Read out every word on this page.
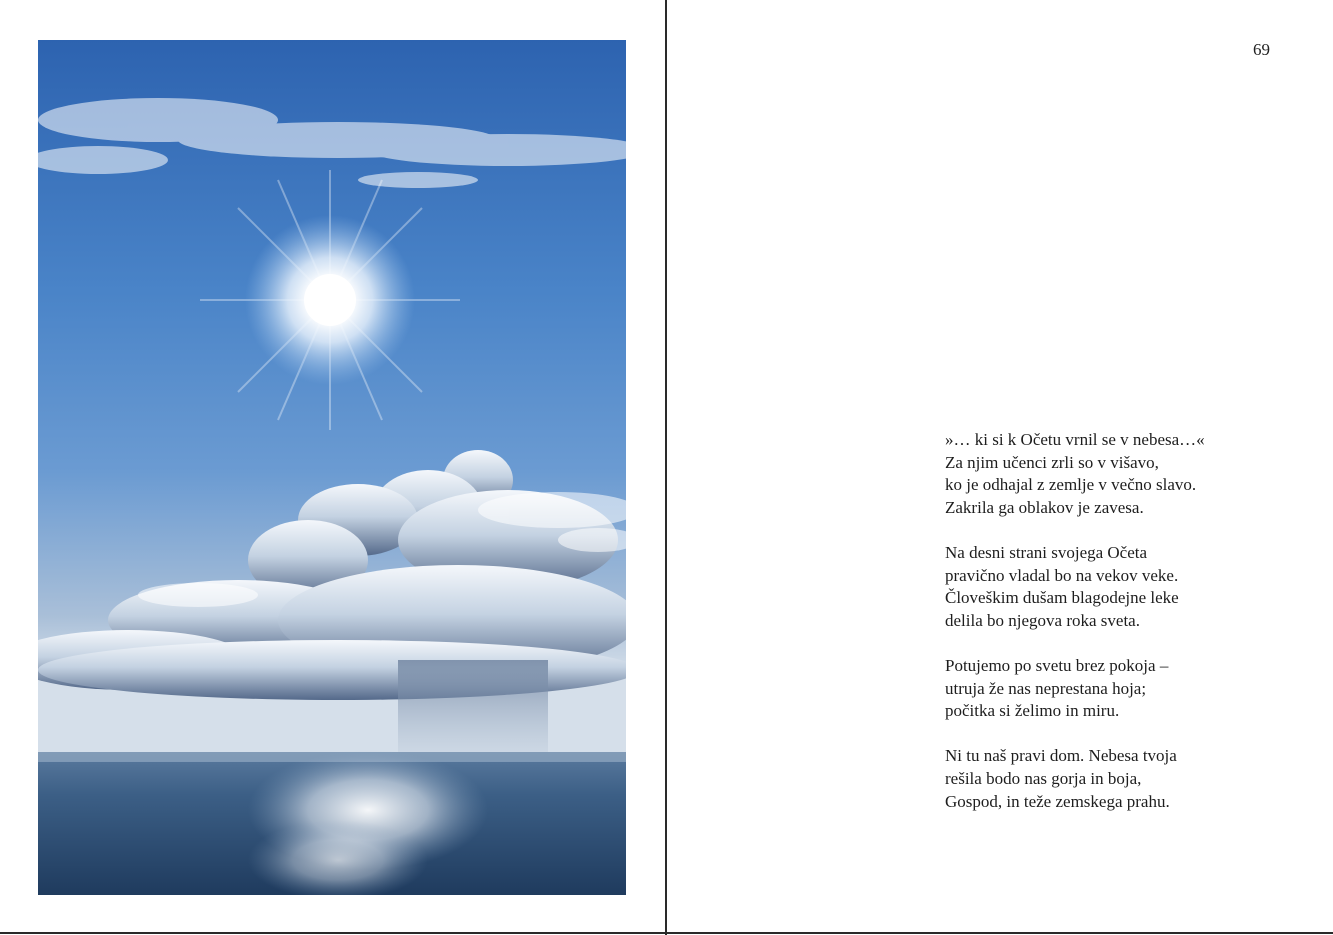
69
»… ki si k Očetu vrnil se v nebesa…«
Za njim učenci zrli so v višavo,
ko je odhajal z zemlje v večno slavo.
Zakrila ga oblakov je zavesa.
Na desni strani svojega Očeta
pravično vladal bo na vekov veke.
Človeškim dušam blagodejne leke
delila bo njegova roka sveta.
Potujemo po svetu brez pokoja –
utruja že nas neprestana hoja;
počitka si želimo in miru.
Ni tu naš pravi dom. Nebesa tvoja
rešila bodo nas gorja in boja,
Gospod, in teže zemskega prahu.
